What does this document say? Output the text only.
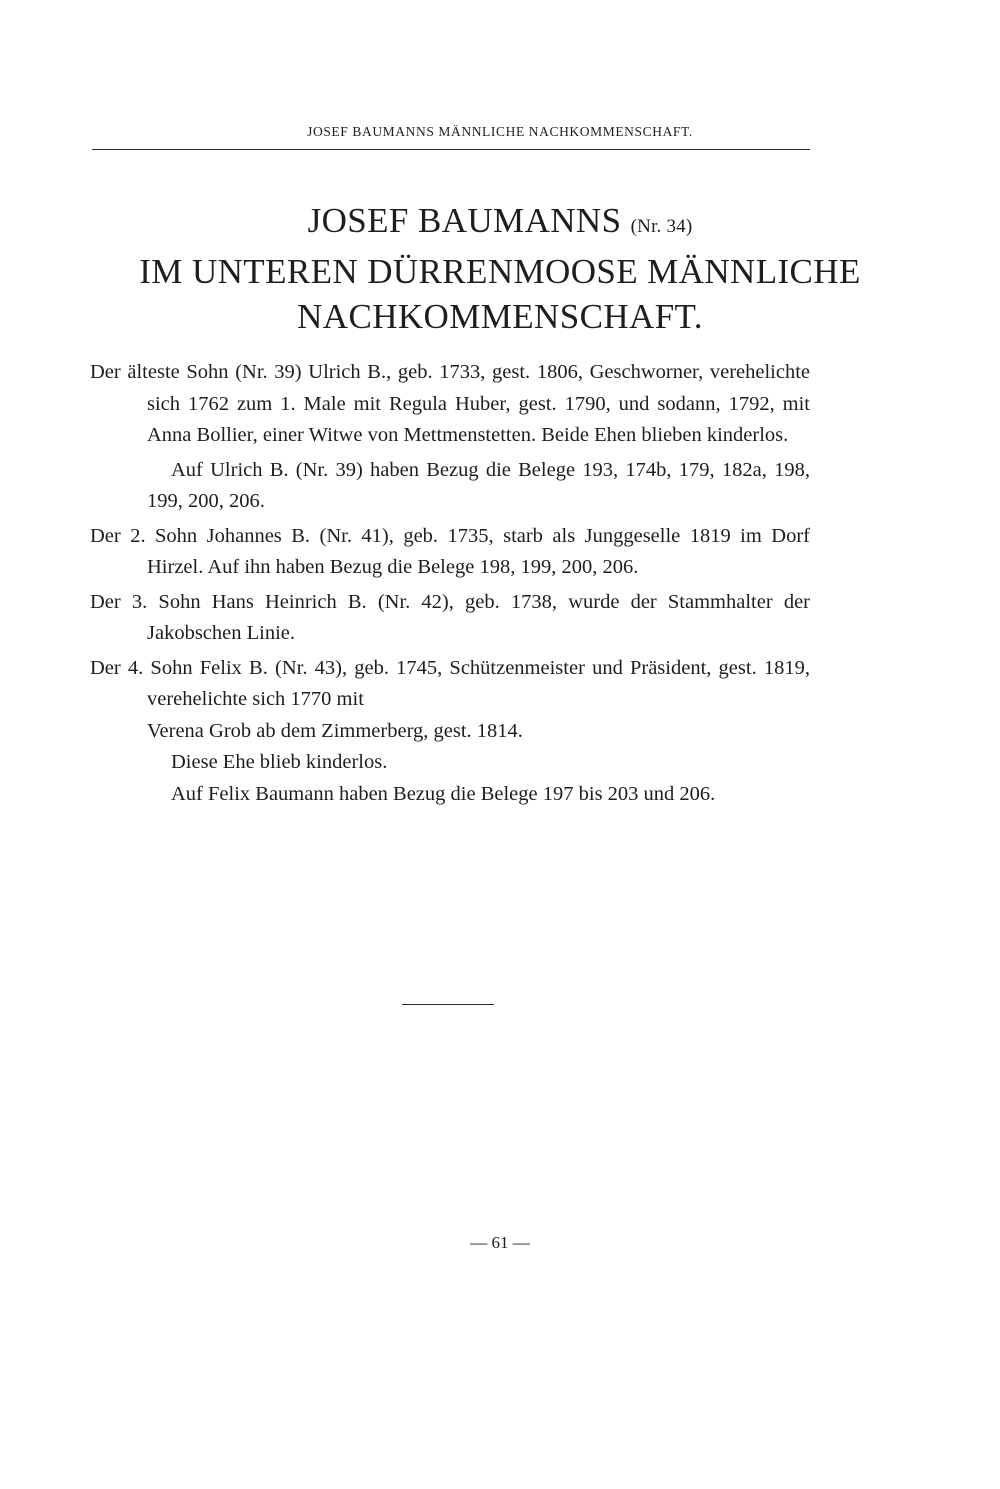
JOSEF BAUMANNS MÄNNLICHE NACHKOMMENSCHAFT.
JOSEF BAUMANNS (Nr. 34)
IM UNTEREN DÜRRENMOOSE MÄNNLICHE
NACHKOMMENSCHAFT.

Der älteste Sohn (Nr. 39) Ulrich B., geb. 1733, gest. 1806, Geschworner, verehelichte sich 1762 zum 1. Male mit Regula Huber, gest. 1790, und sodann, 1792, mit Anna Bollier, einer Witwe von Mettmenstetten. Beide Ehen blieben kinderlos.

Auf Ulrich B. (Nr. 39) haben Bezug die Belege 193, 174b, 179, 182a, 198, 199, 200, 206.

Der 2. Sohn Johannes B. (Nr. 41), geb. 1735, starb als Junggeselle 1819 im Dorf Hirzel. Auf ihn haben Bezug die Belege 198, 199, 200, 206.

Der 3. Sohn Hans Heinrich B. (Nr. 42), geb. 1738, wurde der Stammhalter der Jakobschen Linie.

Der 4. Sohn Felix B. (Nr. 43), geb. 1745, Schützenmeister und Präsident, gest. 1819, verehelichte sich 1770 mit
Verena Grob ab dem Zimmerberg, gest. 1814.
Diese Ehe blieb kinderlos.
Auf Felix Baumann haben Bezug die Belege 197 bis 203 und 206.

— 61 —
